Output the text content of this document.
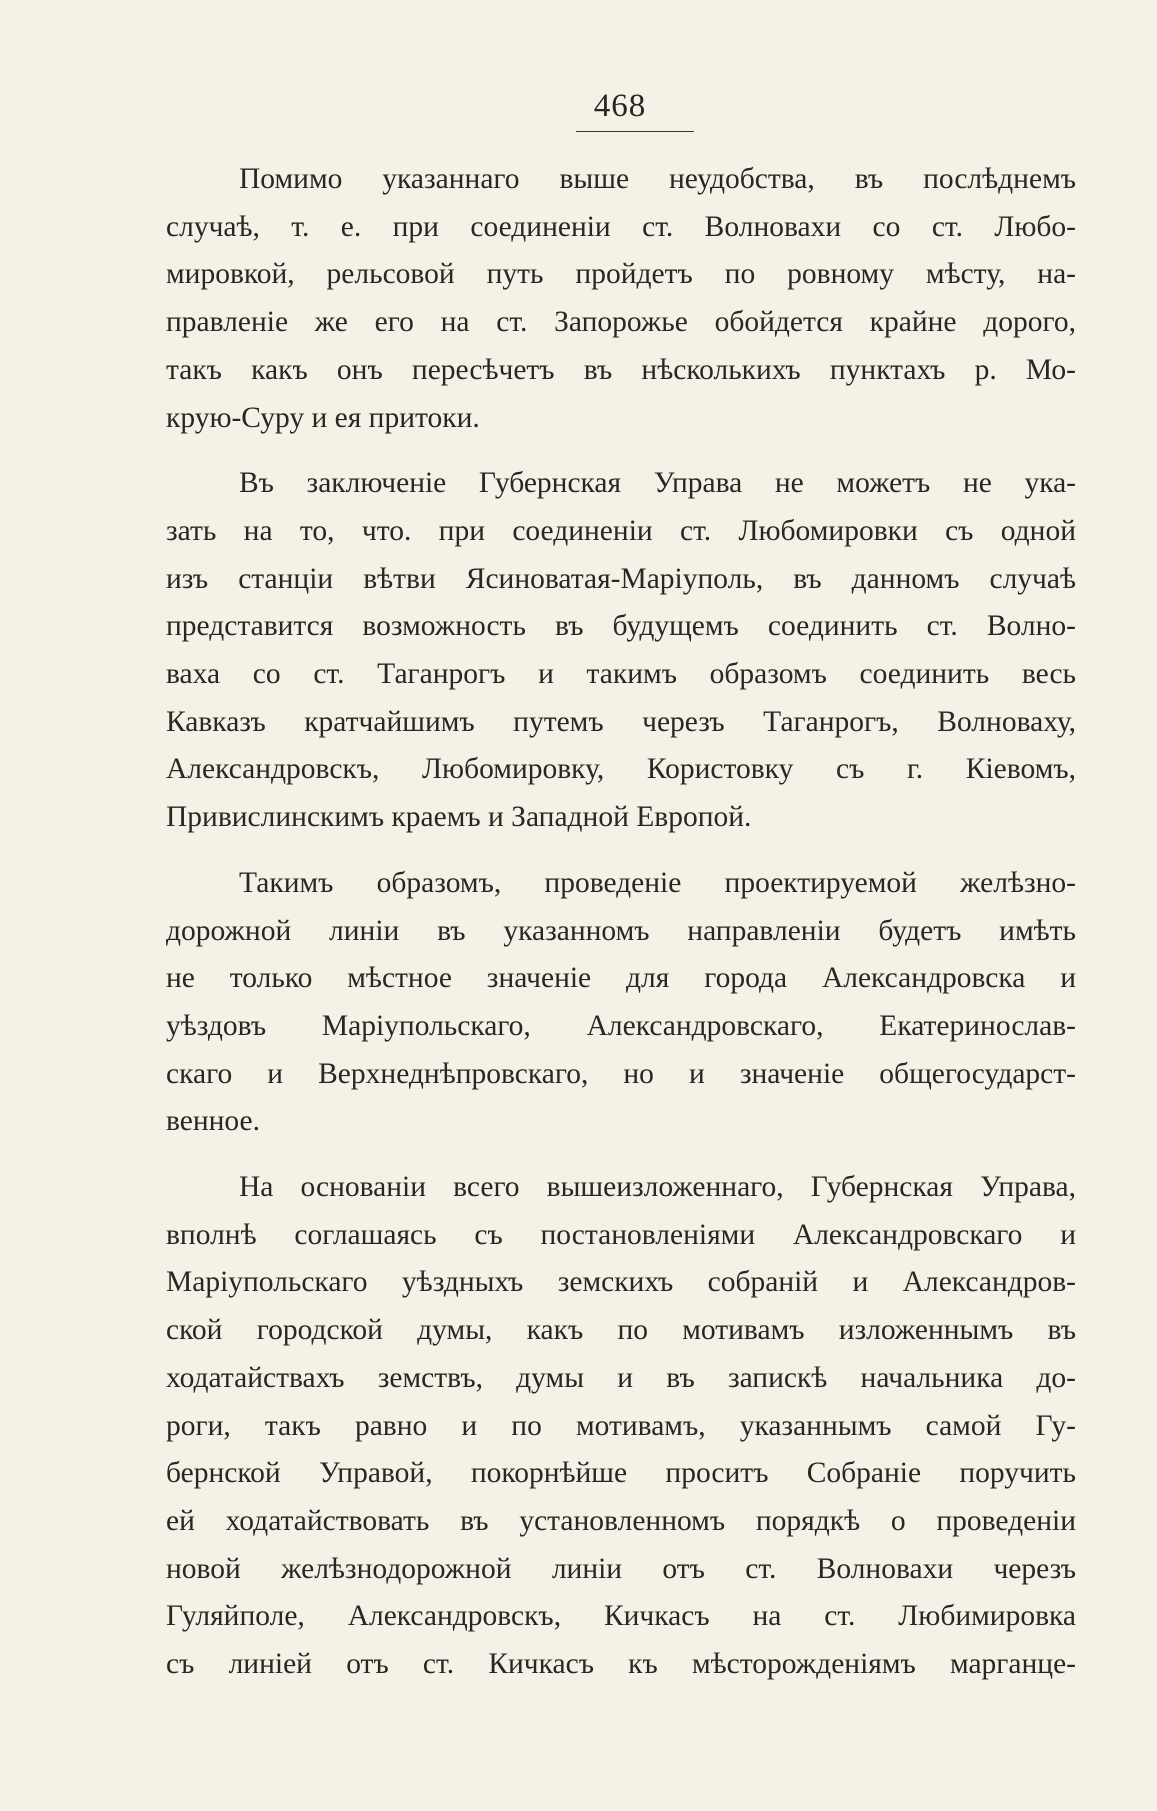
468

Помимо указаннаго выше неудобства, въ послѣднемъ
случаѣ, т. е. при соединеніи ст. Волновахи со ст. Любо-
мировкой, рельсовой путь пройдетъ по ровному мѣсту, на-
правленіе же его на ст. Запорожье обойдется крайне дорого,
такъ какъ онъ пересѣчетъ въ нѣсколькихъ пунктахъ р. Мо-
крую-Суру и ея притоки.

Въ заключеніе Губернская Управа не можетъ не ука-
зать на то, что. при соединеніи ст. Любомировки съ одной
изъ станціи вѣтви Ясиноватая-Маріуполь, въ данномъ случаѣ
представится возможность въ будущемъ соединить ст. Волно-
ваха со ст. Таганрогъ и такимъ образомъ соединить весь
Кавказъ кратчайшимъ путемъ черезъ Таганрогъ, Волноваху,
Александровскъ, Любомировку, Кориcтовку съ г. Кіевомъ,
Привислинскимъ краемъ и Западной Европой.

Такимъ образомъ, проведеніе проектируемой желѣзно-
дорожной линіи въ указанномъ направленіи будетъ имѣть
не только мѣстное значеніе для города Александровска и
уѣздовъ Маріупольскаго, Александровскаго, Екатеринослав-
скаго и Верхнеднѣпровскаго, но и значеніе общегосударст-
венное.

На основаніи всего вышеизложеннаго, Губернская Управа,
вполнѣ соглашаясь съ постановленіями Александровскаго и
Маріупольскаго уѣздныхъ земскихъ собраній и Александров-
ской городской думы, какъ по мотивамъ изложеннымъ въ
ходатайствахъ земствъ, думы и въ запискѣ начальника до-
роги, такъ равно и по мотивамъ, указаннымъ самой Гу-
бернской Управой, покорнѣйше проситъ Собраніе поручить
ей ходатайствовать въ установленномъ порядкѣ о проведеніи
новой желѣзнодорожной линіи отъ ст. Волновахи черезъ
Гуляйполе, Александровскъ, Кичкасъ на ст. Любимировка
съ линіей отъ ст. Кичкасъ къ мѣсторожденіямъ марганце-
